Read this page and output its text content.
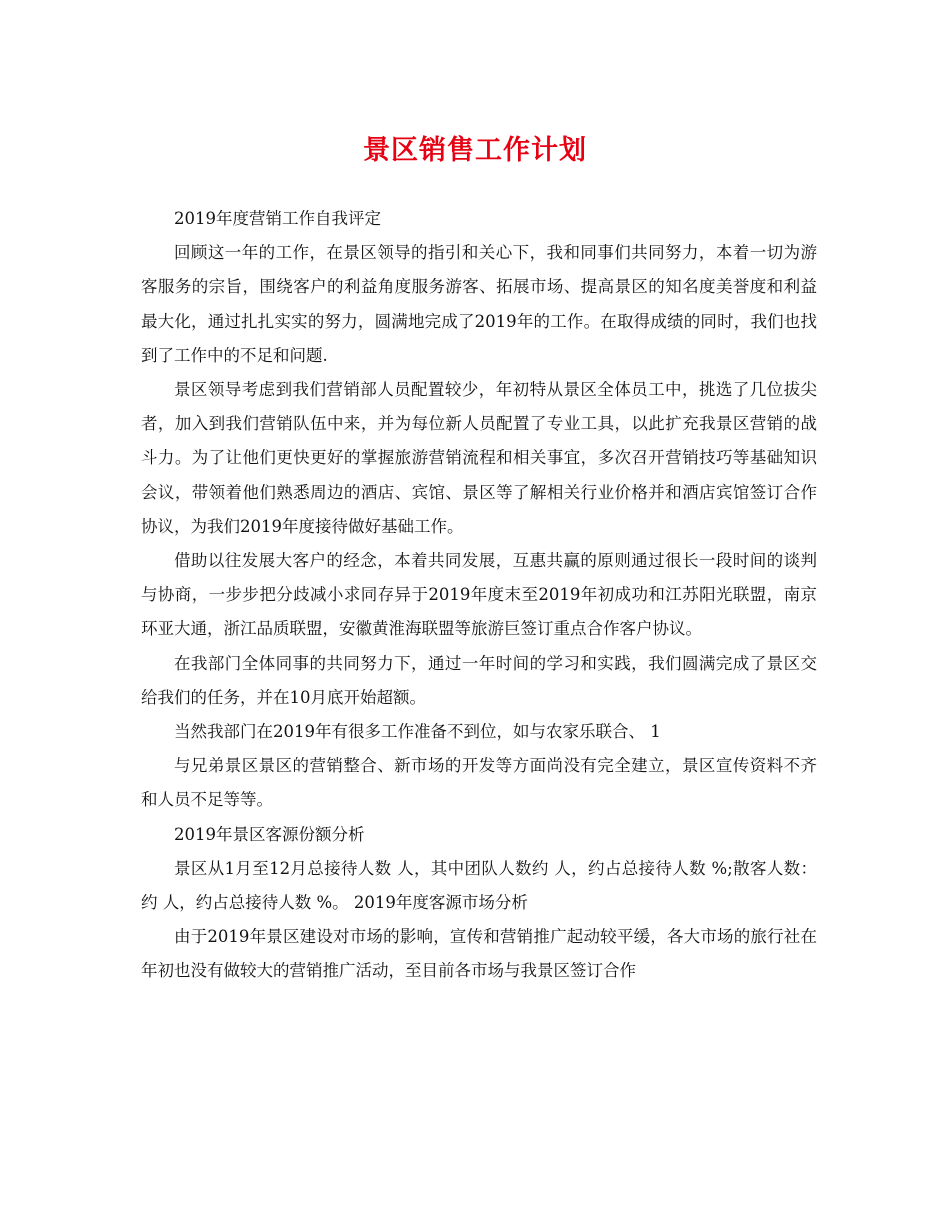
景区销售工作计划

2019年度营销工作自我评定

回顾这一年的工作，在景区领导的指引和关心下，我和同事们共同努力，本着一切为游客服务的宗旨，围绕客户的利益角度服务游客、拓展市场、提高景区的知名度美誉度和利益最大化，通过扎扎实实的努力，圆满地完成了2019年的工作。在取得成绩的同时，我们也找到了工作中的不足和问题.

景区领导考虑到我们营销部人员配置较少，年初特从景区全体员工中，挑选了几位拔尖者，加入到我们营销队伍中来，并为每位新人员配置了专业工具，以此扩充我景区营销的战斗力。为了让他们更快更好的掌握旅游营销流程和相关事宜，多次召开营销技巧等基础知识会议，带领着他们熟悉周边的酒店、宾馆、景区等了解相关行业价格并和酒店宾馆签订合作协议，为我们2019年度接待做好基础工作。

借助以往发展大客户的经念，本着共同发展，互惠共赢的原则通过很长一段时间的谈判与协商，一步步把分歧减小求同存异于2019年度末至2019年初成功和江苏阳光联盟，南京环亚大通，浙江品质联盟，安徽黄淮海联盟等旅游巨签订重点合作客户协议。

在我部门全体同事的共同努力下，通过一年时间的学习和实践，我们圆满完成了景区交给我们的任务，并在10月底开始超额。

当然我部门在2019年有很多工作准备不到位，如与农家乐联合、 1

与兄弟景区景区的营销整合、新市场的开发等方面尚没有完全建立，景区宣传资料不齐和人员不足等等。

2019年景区客源份额分析

景区从1月至12月总接待人数 人，其中团队人数约 人，约占总接待人数 %;散客人数：约 人，约占总接待人数 %。 2019年度客源市场分析

由于2019年景区建设对市场的影响，宣传和营销推广起动较平缓，各大市场的旅行社在年初也没有做较大的营销推广活动，至目前各市场与我景区签订合作
